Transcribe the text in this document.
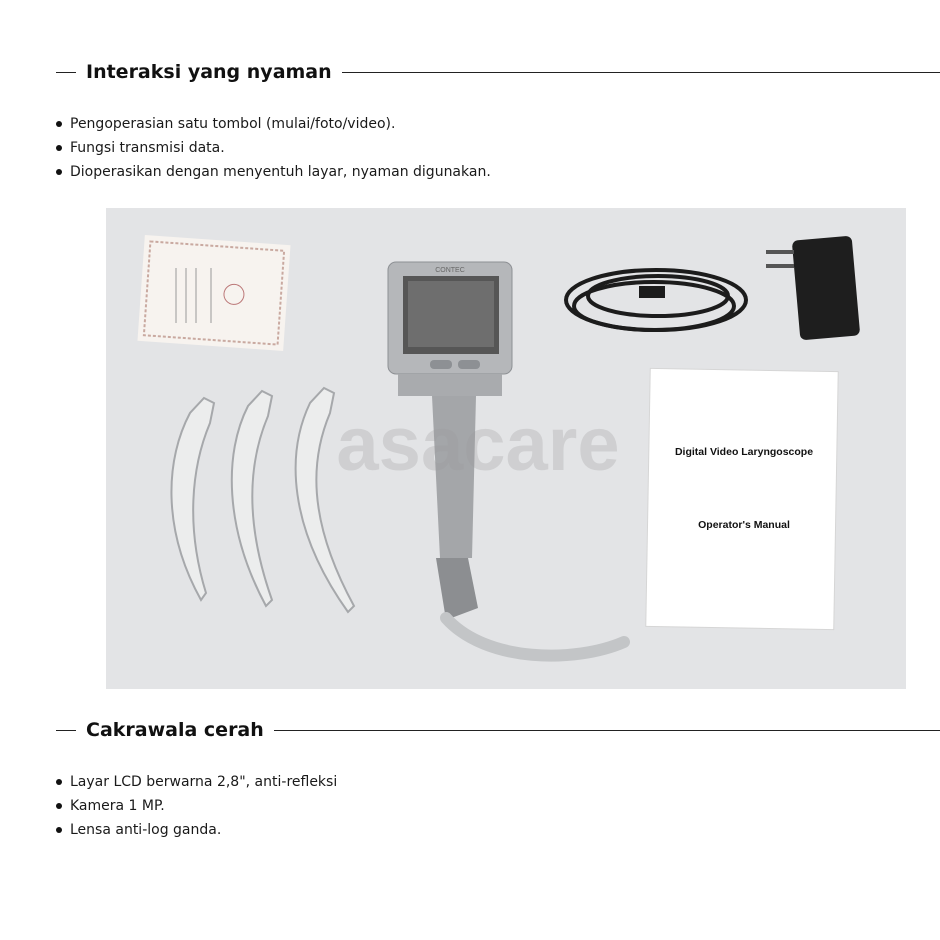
Interaksi yang nyaman
Pengoperasian satu tombol (mulai/foto/video).
Fungsi transmisi data.
Dioperasikan dengan menyentuh layar, nyaman digunakan.
Digital Video Laryngoscope
Operator's Manual
CONTEC
asacare
Cakrawala cerah
Layar LCD berwarna 2,8", anti-refleksi
Kamera 1 MP.
Lensa anti-log ganda.
